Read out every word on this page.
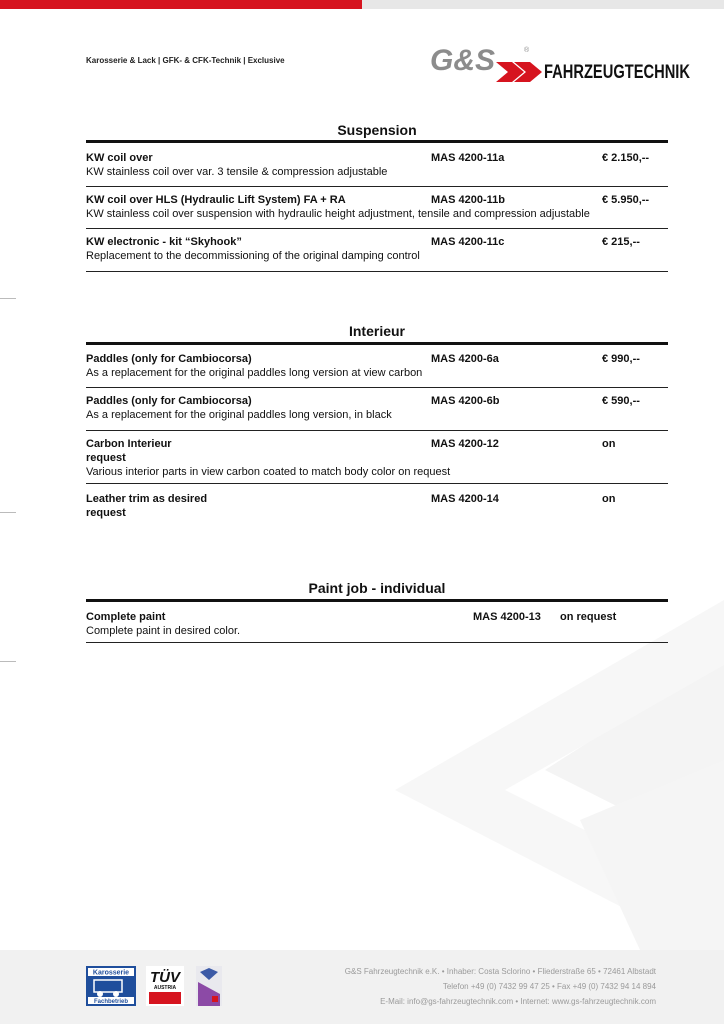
Karosserie & Lack | GFK- & CFK-Technik | Exclusive	G&S	®
FAHRZEUGTECHNIK
Suspension
KW coil over	MAS 4200-11a	€ 2.150,--
KW stainless coil over var. 3 tensile & compression adjustable
KW coil over HLS (Hydraulic Lift System) FA + RA	MAS 4200-11b	€ 5.950,--
KW stainless coil over suspension with hydraulic height adjustment, tensile and compression adjustable
KW electronic - kit “Skyhook”	MAS 4200-11c	€ 215,--
Replacement to the decommissioning of the original damping control
Interieur
Paddles (only for Cambiocorsa)	MAS 4200-6a	€ 990,--
As a replacement for the original paddles long version at view carbon
Paddles (only for Cambiocorsa)	MAS 4200-6b	€ 590,--
As a replacement for the original paddles long version, in black
Carbon Interieur	MAS 4200-12	on
request
Various interior parts in view carbon coated to match body color on request
Leather trim as desired	MAS 4200-14	on
request
Paint job - individual
Complete paint	MAS 4200-13 on request
Complete paint in desired color.
Karosserie
Fachbetrieb
TÜV
AUSTRIA
G&S Fahrzeugtechnik e.K. • Inhaber: Costa Sclorino • Fliederstraße 65 • 72461 Albstadt
Telefon +49 (0) 7432 99 47 25 • Fax +49 (0) 7432 94 14 894
E-Mail: info@gs-fahrzeugtechnik.com • Internet: www.gs-fahrzeugtechnik.com
